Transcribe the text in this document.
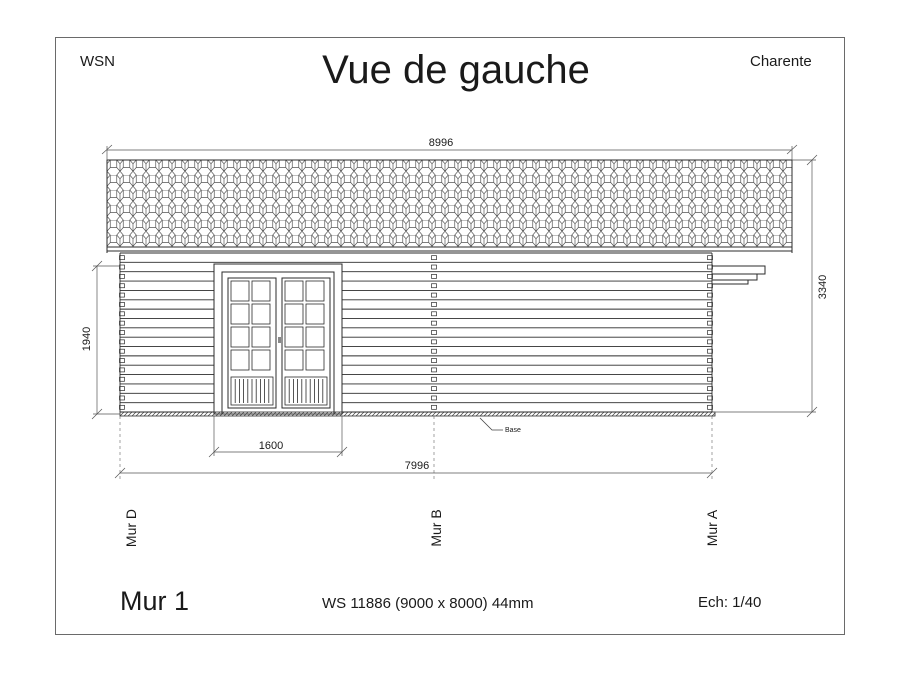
WSN	Vue de gauche	Charente
Base
8996
3340
1940
1600
7996
Mur D	Mur B	Mur A
Mur 1	WS 11886 (9000 x 8000) 44mm	Ech: 1/40
